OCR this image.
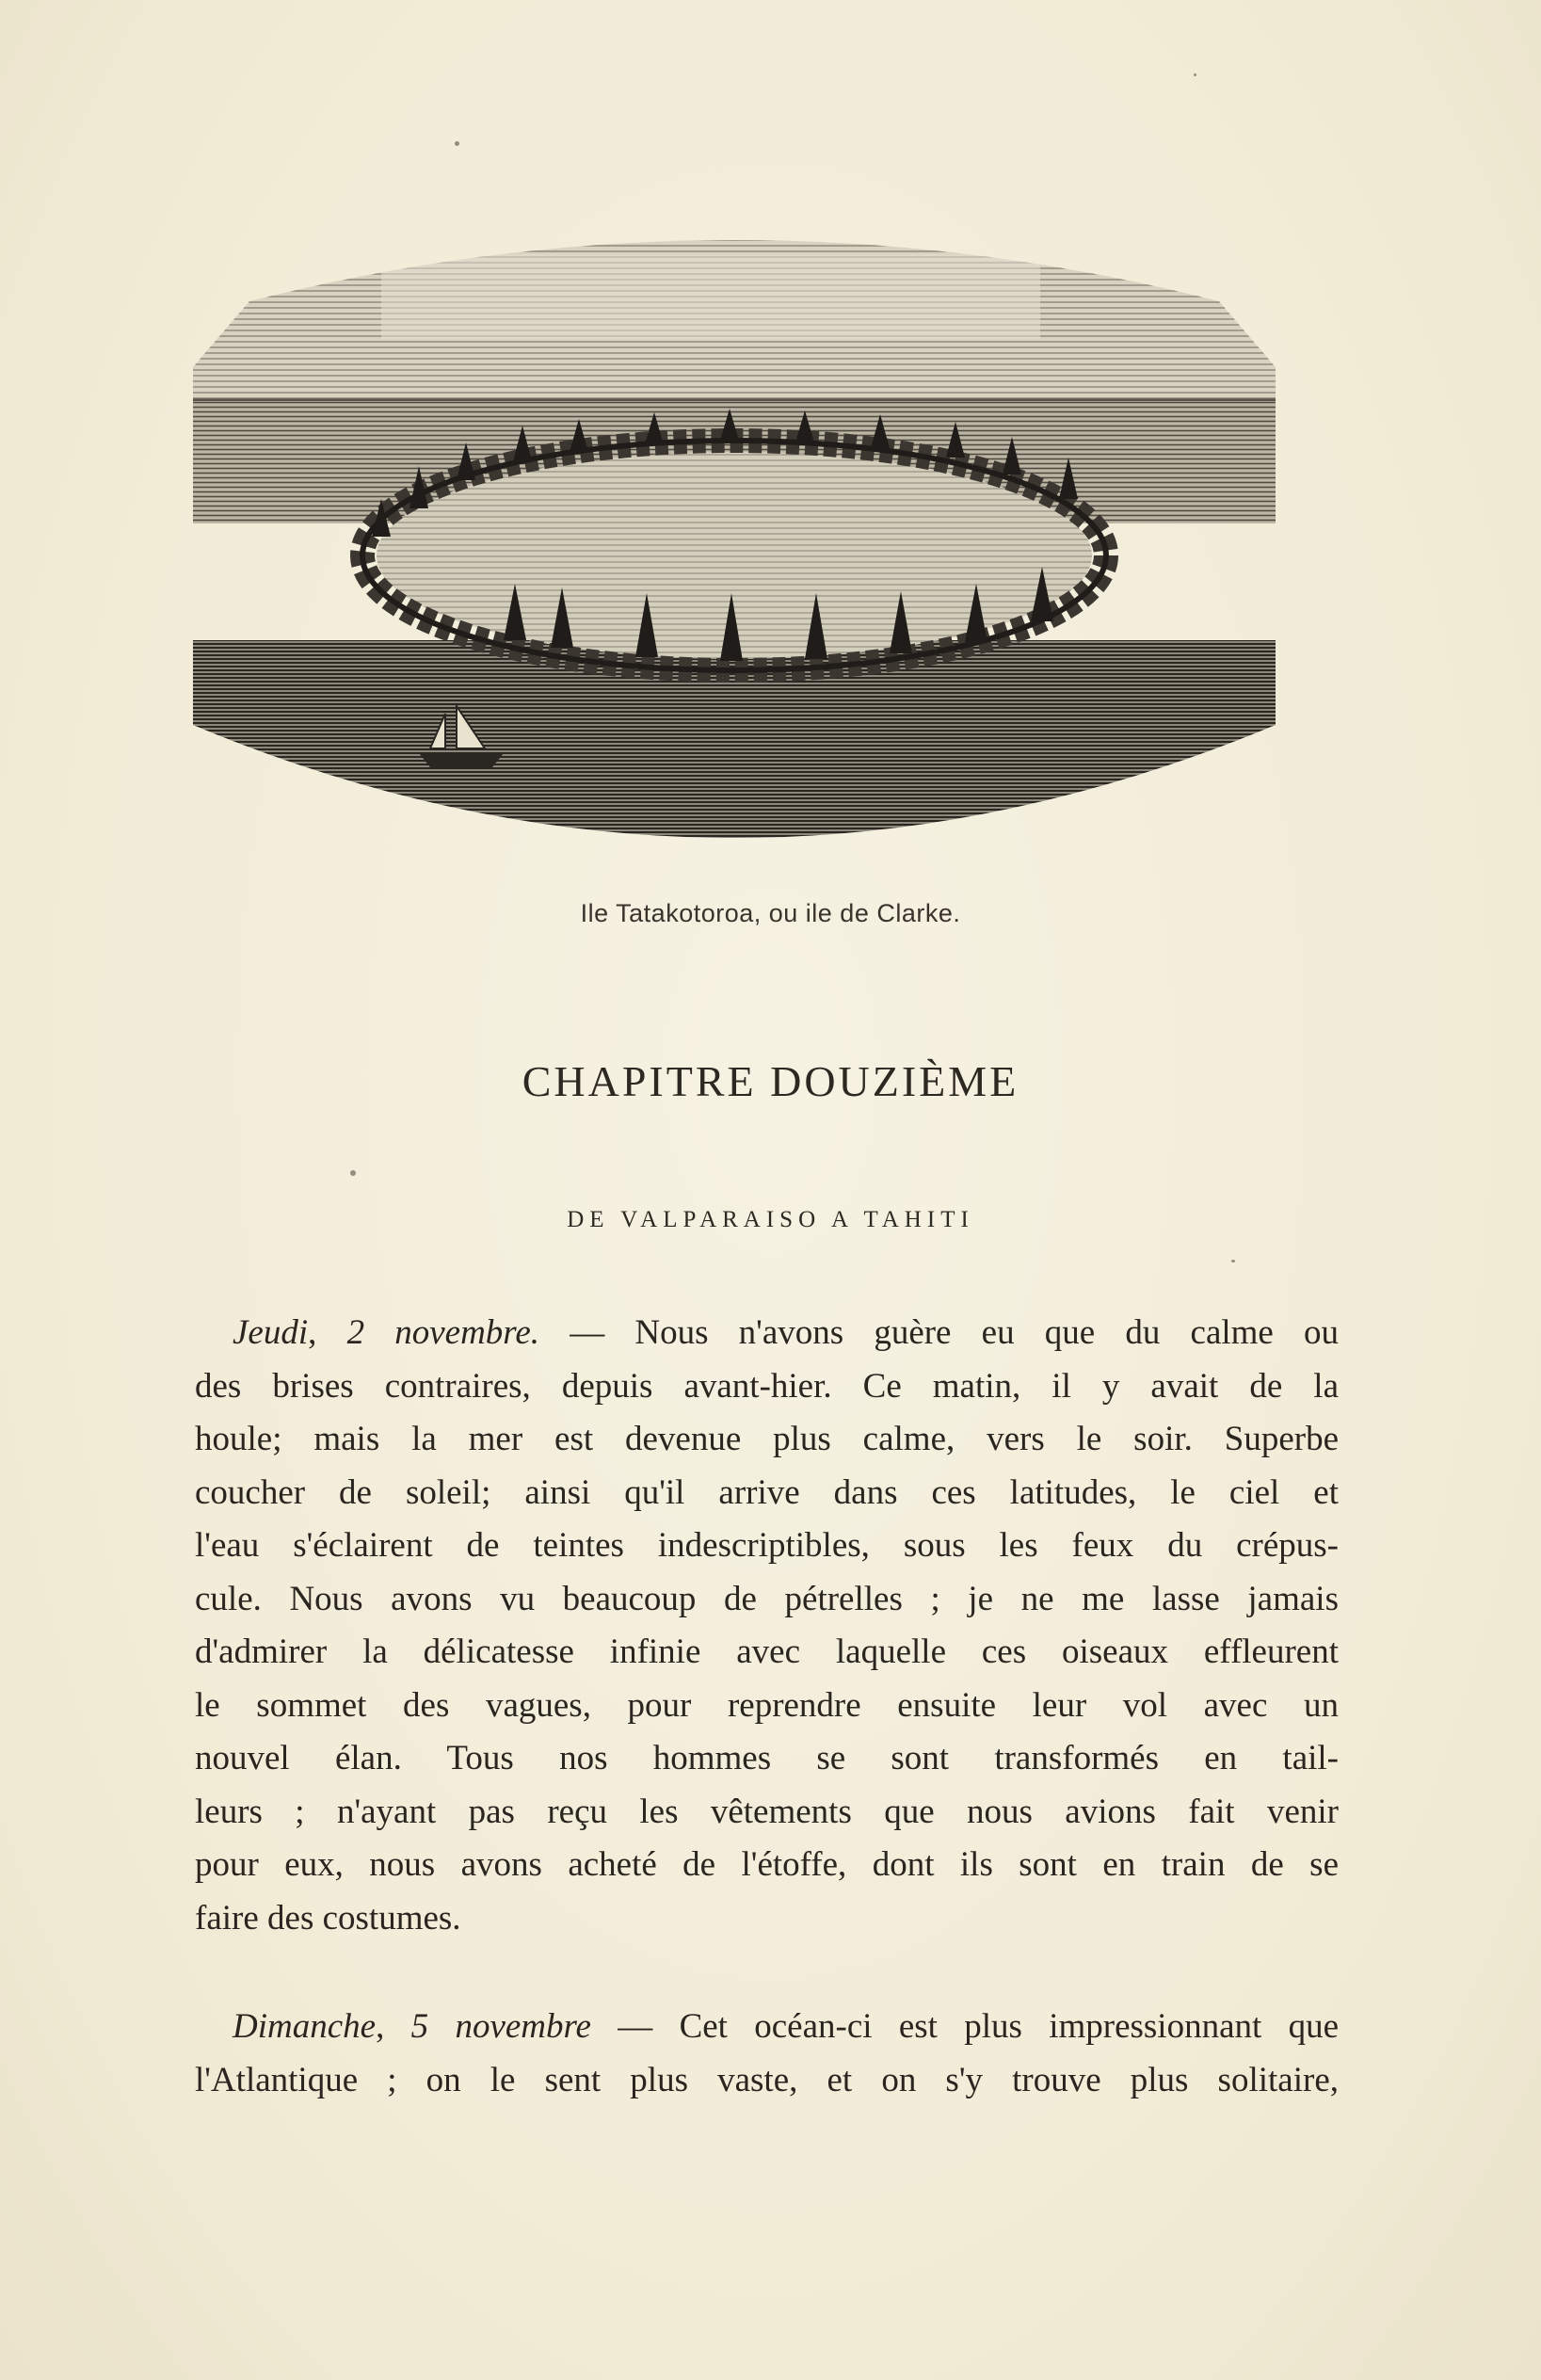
Ile Tatakotoroa, ou ile de Clarke.
CHAPITRE DOUZIÈME
DE VALPARAISO A TAHITI
Jeudi, 2 novembre. — Nous n'avons guère eu que du calme ou
des brises contraires, depuis avant-hier. Ce matin, il y avait de la
houle; mais la mer est devenue plus calme, vers le soir. Superbe
coucher de soleil; ainsi qu'il arrive dans ces latitudes, le ciel et
l'eau s'éclairent de teintes indescriptibles, sous les feux du crépus-
cule. Nous avons vu beaucoup de pétrelles ; je ne me lasse jamais
d'admirer la délicatesse infinie avec laquelle ces oiseaux effleurent
le sommet des vagues, pour reprendre ensuite leur vol avec un
nouvel élan. Tous nos hommes se sont transformés en tail-
leurs ; n'ayant pas reçu les vêtements que nous avions fait venir
pour eux, nous avons acheté de l'étoffe, dont ils sont en train de se
faire des costumes.
Dimanche, 5 novembre — Cet océan-ci est plus impressionnant que
l'Atlantique ; on le sent plus vaste, et on s'y trouve plus solitaire,
